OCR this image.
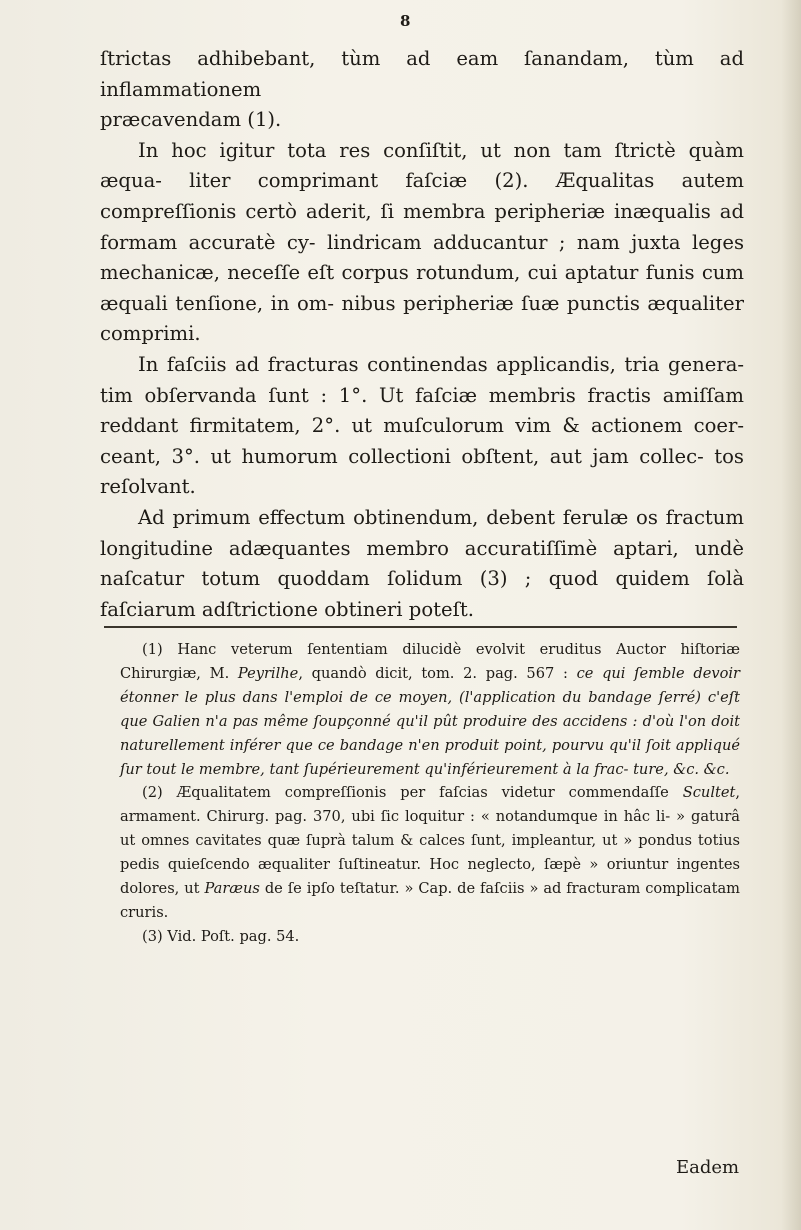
8

ſtrictas adhibebant, tùm ad eam ſanandam, tùm ad inflammationem
præcavendam (1).

In hoc igitur tota res conſiſtit, ut non tam ſtrictè quàm æqua- liter comprimant faſciæ (2). Æqualitas autem compreſſionis certò aderit, ſi membra peripheriæ inæqualis ad formam accuratè cy- lindricam adducantur ; nam juxta leges mechanicæ, neceſſe eſt corpus rotundum, cui aptatur funis cum æquali tenſione, in om- nibus peripheriæ ſuæ punctis æqualiter comprimi.

In faſciis ad fracturas continendas applicandis, tria genera- tim obſervanda ſunt : 1°. Ut faſciæ membris fractis amiſſam reddant firmitatem, 2°. ut muſculorum vim & actionem coer- ceant, 3°. ut humorum collectioni obſtent, aut jam collec- tos reſolvant.

Ad primum effectum obtinendum, debent ferulæ os fractum longitudine adæquantes membro accuratiſſimè aptari, undè naſcatur totum quoddam ſolidum (3) ; quod quidem ſolà faſciarum adſtrictione obtineri poteſt.

(1) Hanc veterum ſententiam dilucidè evolvit eruditus Auctor hiſtoriæ Chirurgiæ, M. Peyrilhe, quandò dicit, tom. 2. pag. 567 : ce qui ſemble devoir étonner le plus dans l'emploi de ce moyen, (l'application du bandage ſerré) c'eſt que Galien n'a pas même ſoupçonné qu'il pût produire des accidens : d'où l'on doit naturellement inférer que ce bandage n'en produit point, pourvu qu'il ſoit appliqué ſur tout le membre, tant ſupérieurement qu'inférieurement à la frac- ture, &c. &c.

(2) Æqualitatem compreſſionis per faſcias videtur commendaſſe Scultet, armament. Chirurg. pag. 370, ubi ſic loquitur : « notandumque in hâc li- » gaturâ ut omnes cavitates quæ ſuprà talum & calces ſunt, impleantur, ut » pondus totius pedis quieſcendo æqualiter ſuſtineatur. Hoc neglecto, ſæpè » oriuntur ingentes dolores, ut Paræus de ſe ipſo teſtatur. » Cap. de faſciis » ad fracturam complicatam cruris.

(3) Vid. Poſt. pag. 54.

Eadem
